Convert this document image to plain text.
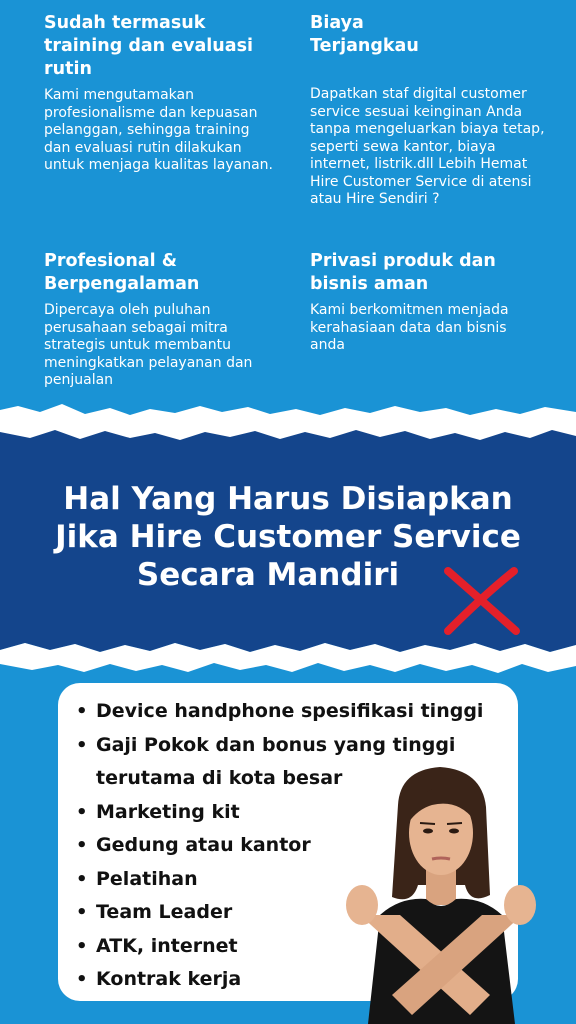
Sudah termasuk training dan evaluasi rutin

Kami mengutamakan profesionalisme dan kepuasan pelanggan, sehingga training dan evaluasi rutin dilakukan untuk menjaga kualitas layanan.

Biaya Terjangkau

Dapatkan staf digital customer service sesuai keinginan Anda tanpa mengeluarkan biaya tetap, seperti sewa kantor, biaya internet, listrik.dll Lebih Hemat Hire Customer Service di atensi atau Hire Sendiri ?

Profesional & Berpengalaman

Dipercaya oleh puluhan perusahaan sebagai mitra strategis untuk membantu meningkatkan pelayanan dan penjualan

Privasi produk dan bisnis aman

Kami berkomitmen menjada kerahasiaan data dan bisnis anda

Hal Yang Harus Disiapkan
Jika Hire Customer Service
Secara Mandiri
• Device handphone spesifikasi tinggi
• Gaji Pokok dan bonus yang tinggi terutama di kota besar
• Marketing kit
• Gedung atau kantor
• Pelatihan
• Team Leader
• ATK, internet
• Kontrak kerja
